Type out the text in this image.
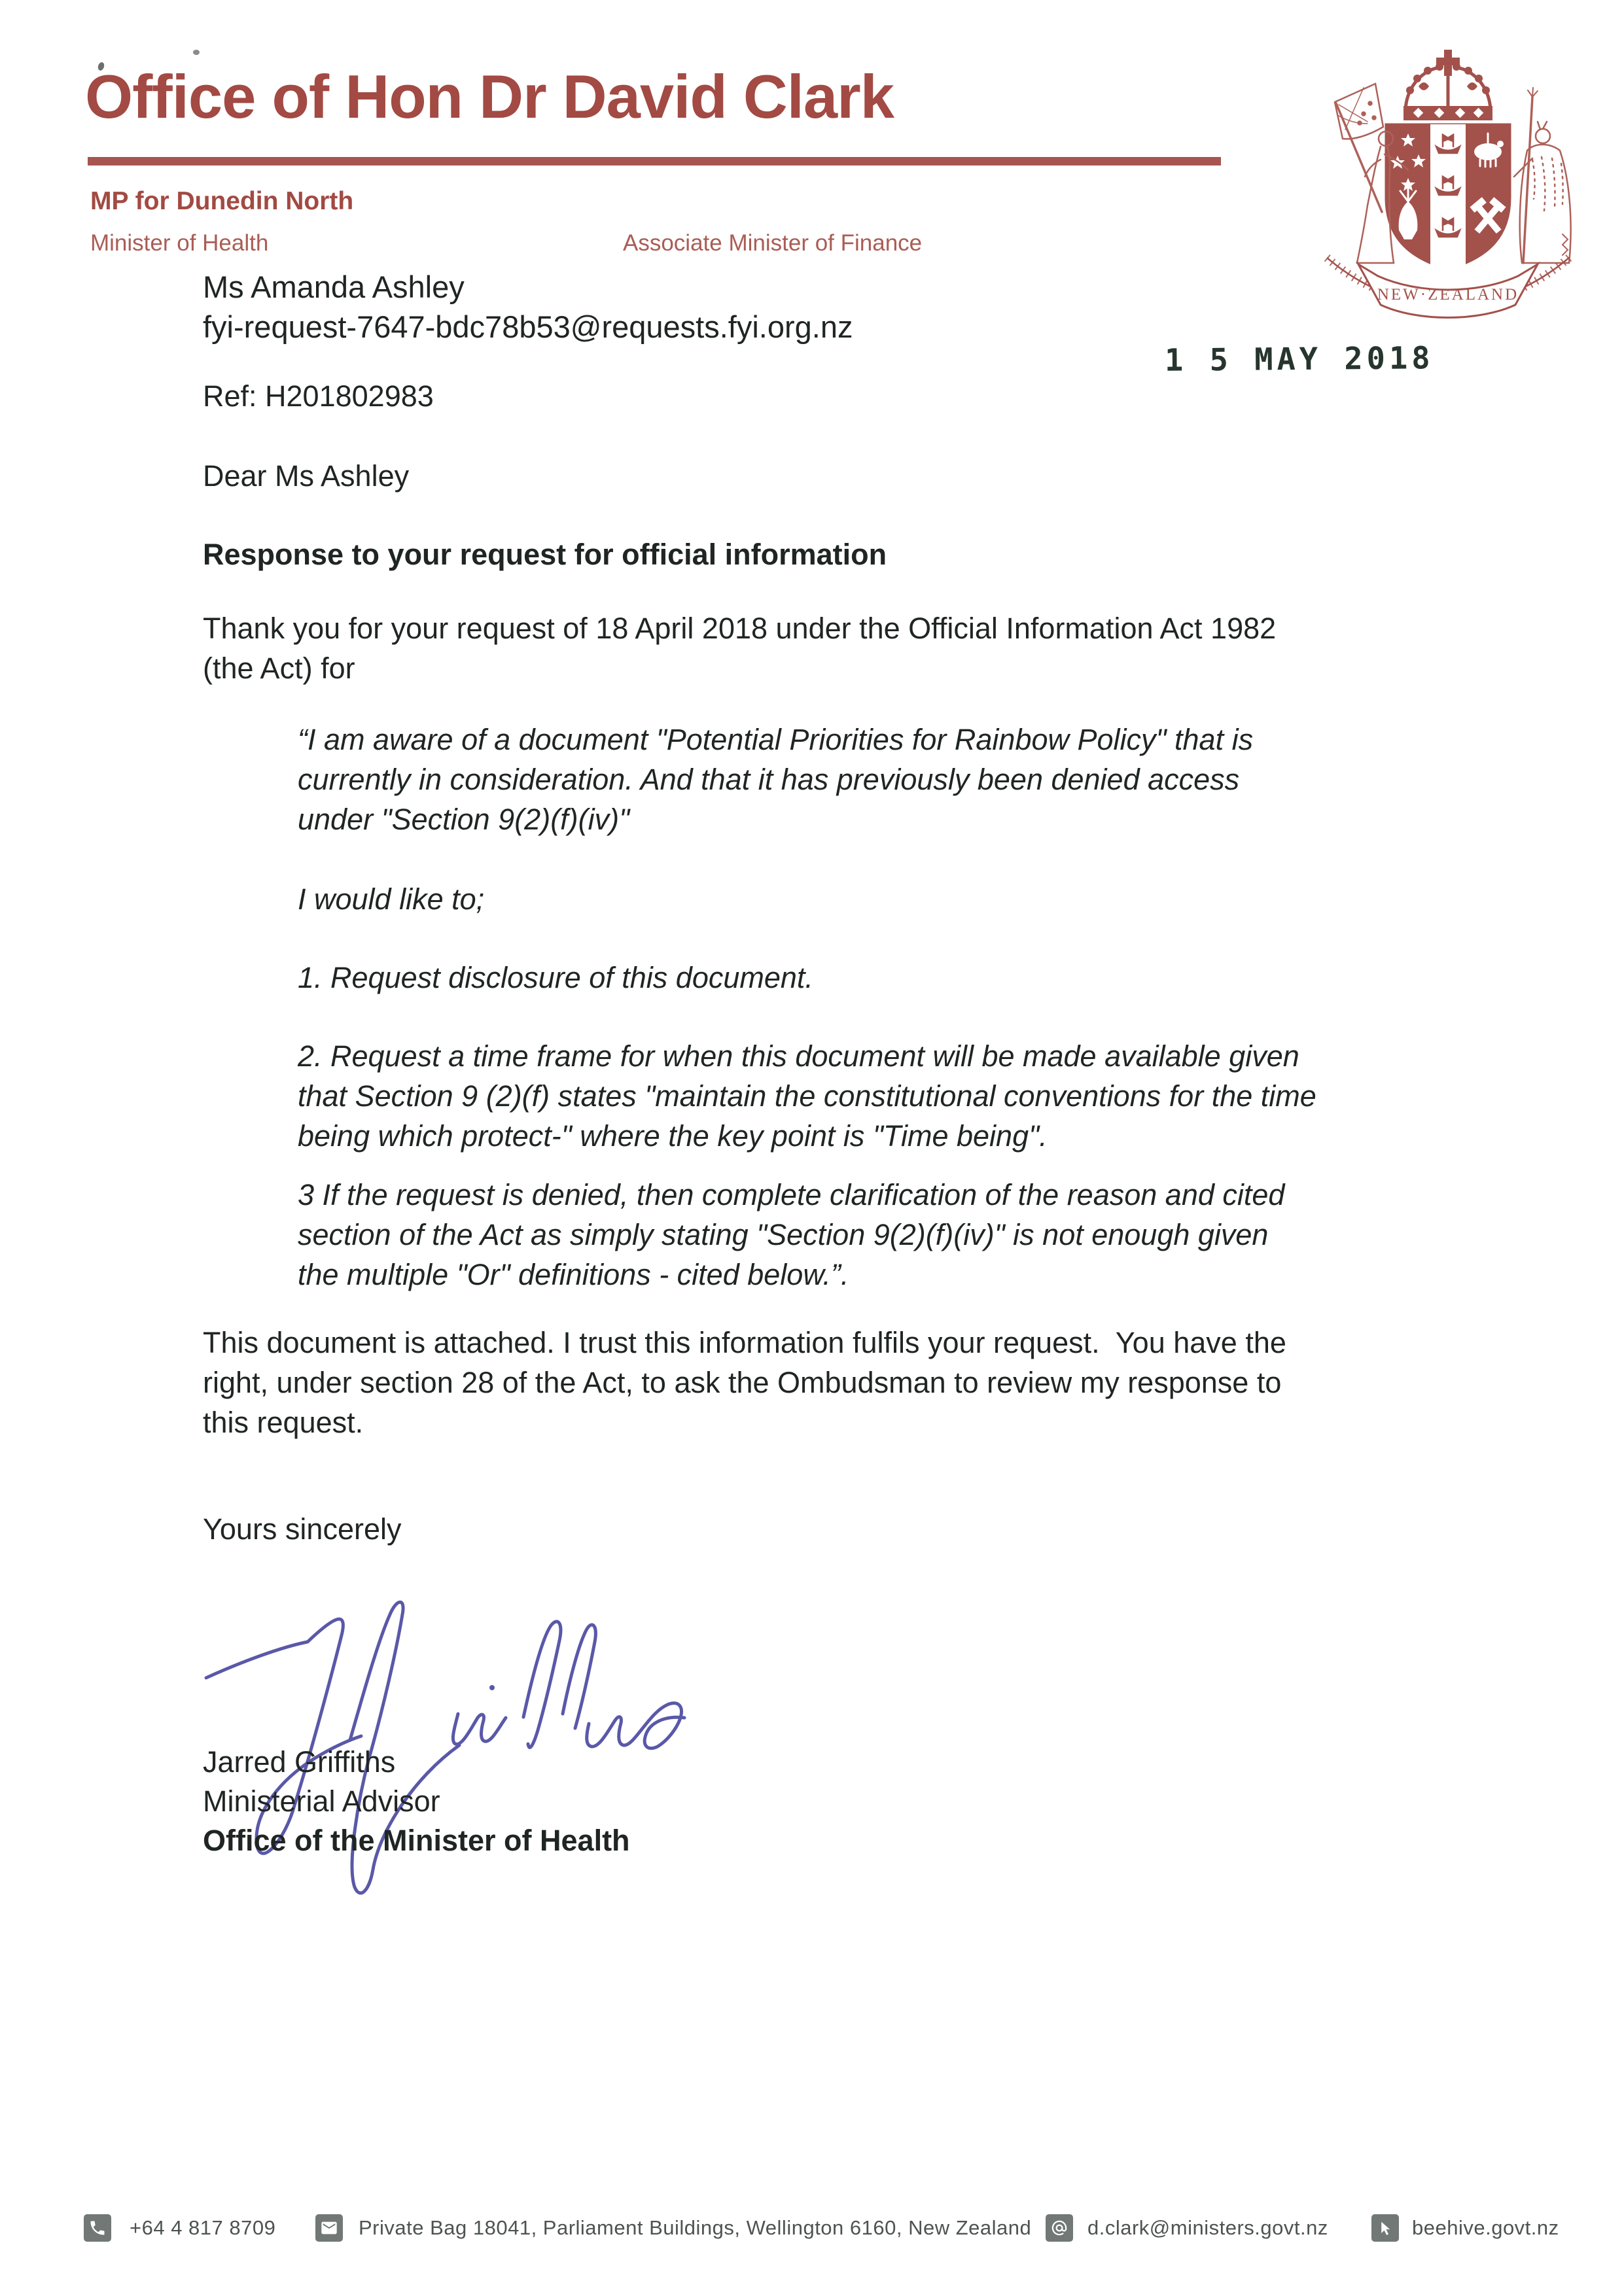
Office of Hon Dr David Clark
MP for Dunedin North
Minister of Health	Associate Minister of Finance
NEW·ZEALAND
Ms Amanda Ashley
fyi-request-7647-bdc78b53@requests.fyi.org.nz
1 5 MAY 2018
Ref: H201802983
Dear Ms Ashley
Response to your request for official information
Thank you for your request of 18 April 2018 under the Official Information Act 1982
(the Act) for
“I am aware of a document "Potential Priorities for Rainbow Policy" that is
currently in consideration. And that it has previously been denied access
under "Section 9(2)(f)(iv)"
I would like to;
1. Request disclosure of this document.
2. Request a time frame for when this document will be made available given
that Section 9 (2)(f) states "maintain the constitutional conventions for the time
being which protect-" where the key point is "Time being".
3 If the request is denied, then complete clarification of the reason and cited
section of the Act as simply stating "Section 9(2)(f)(iv)" is not enough given
the multiple "Or" definitions - cited below.”.
This document is attached. I trust this information fulfils your request.  You have the
right, under section 28 of the Act, to ask the Ombudsman to review my response to
this request.
Yours sincerely
Jarred Griffiths
Ministerial Advisor
Office of the Minister of Health
+64 4 817 8709	Private Bag 18041, Parliament Buildings, Wellington 6160, New Zealand	d.clark@ministers.govt.nz	beehive.govt.nz
